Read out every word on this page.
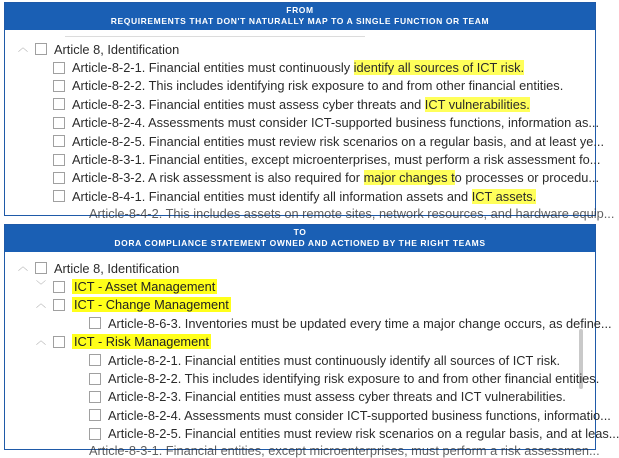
FROM
REQUIREMENTS THAT DON'T NATURALLY MAP TO A SINGLE FUNCTION OR TEAM
︿ Article 8, Identification
Article-8-2-1. Financial entities must continuously identify all sources of ICT risk.
Article-8-2-2. This includes identifying risk exposure to and from other financial entities.
Article-8-2-3. Financial entities must assess cyber threats and ICT vulnerabilities.
Article-8-2-4. Assessments must consider ICT-supported business functions, information as...
Article-8-2-5. Financial entities must review risk scenarios on a regular basis, and at least ye...
Article-8-3-1. Financial entities, except microenterprises, must perform a risk assessment fo...
Article-8-3-2. A risk assessment is also required for major changes to processes or procedu...
Article-8-4-1. Financial entities must identify all information assets and ICT assets.
Article-8-4-2. This includes assets on remote sites, network resources, and hardware equip...
TO
DORA COMPLIANCE STATEMENT OWNED AND ACTIONED BY THE RIGHT TEAMS
︿ Article 8, Identification
﹀ ICT - Asset Management
︿ ICT - Change Management
Article-8-6-3. Inventories must be updated every time a major change occurs, as define...
︿ ICT - Risk Management
Article-8-2-1. Financial entities must continuously identify all sources of ICT risk.
Article-8-2-2. This includes identifying risk exposure to and from other financial entities.
Article-8-2-3. Financial entities must assess cyber threats and ICT vulnerabilities.
Article-8-2-4. Assessments must consider ICT-supported business functions, informatio...
Article-8-2-5. Financial entities must review risk scenarios on a regular basis, and at leas...
Article-8-3-1. Financial entities, except microenterprises, must perform a risk assessmen...
